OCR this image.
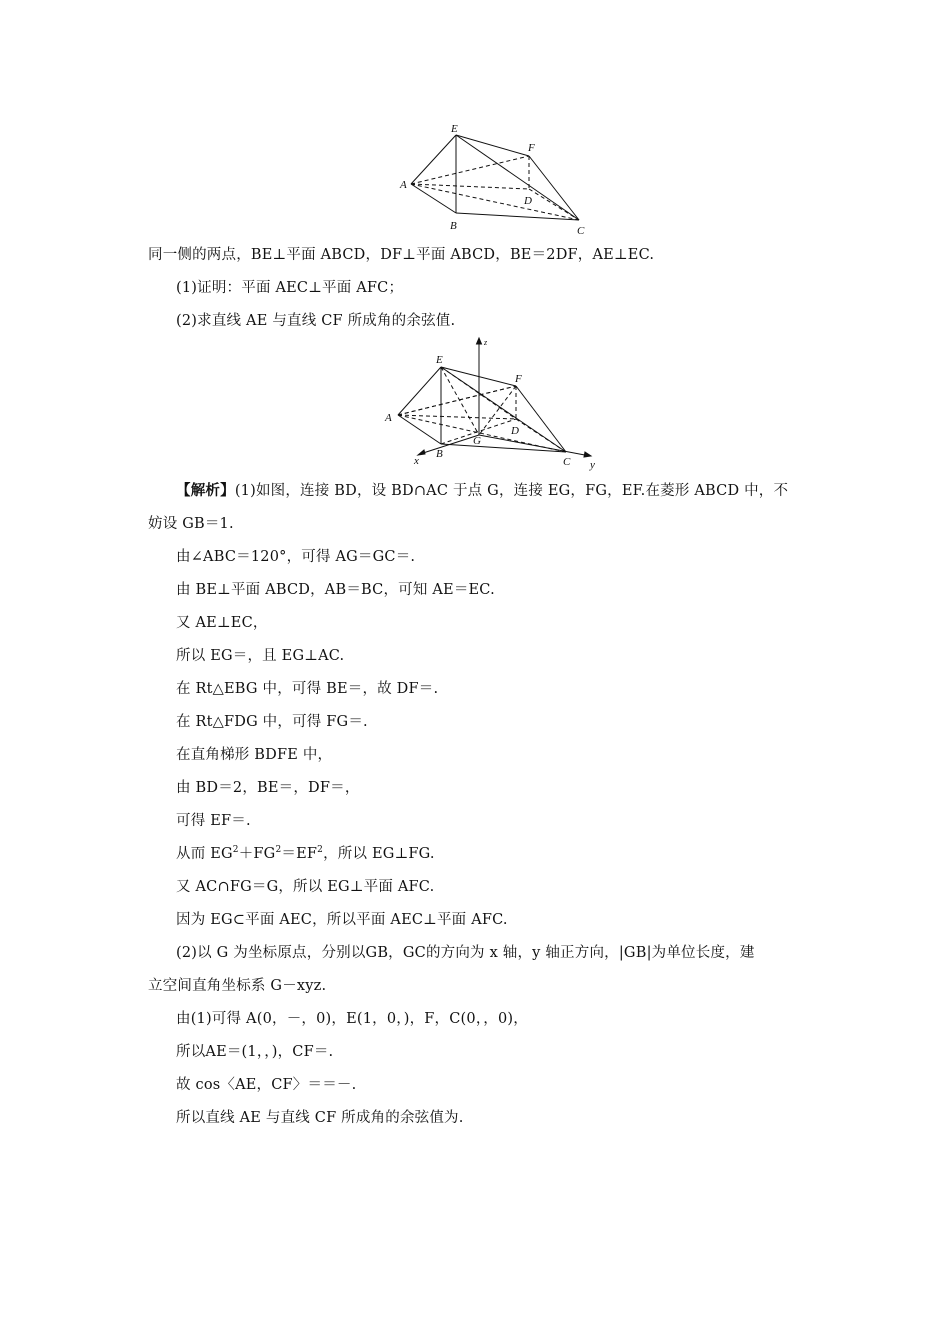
E
F
A
D
B	C
同一侧的两点，BE⊥平面 ABCD，DF⊥平面 ABCD，BE＝2DF，AE⊥EC.
(1)证明：平面 AEC⊥平面 AFC；
(2)求直线 AE 与直线 CF 所成角的余弦值.
z
E
F
A
G
D
B
x	C y
【解析】(1)如图，连接 BD，设 BD∩AC 于点 G，连接 EG，FG，EF.在菱形 ABCD 中，不
妨设 GB＝1.
由∠ABC＝120°，可得 AG＝GC＝.
由 BE⊥平面 ABCD，AB＝BC，可知 AE＝EC.
又 AE⊥EC，
所以 EG＝，且 EG⊥AC.
在 Rt△EBG 中，可得 BE＝，故 DF＝.
在 Rt△FDG 中，可得 FG＝.
在直角梯形 BDFE 中，
由 BD＝2，BE＝，DF＝，
可得 EF＝.
从而 $EG^2+FG^2=EF^2$，所以 EG⊥FG.
又 AC∩FG＝G，所以 EG⊥平面 AFC.
因为 EG⊂平面 AEC，所以平面 AEC⊥平面 AFC.
(2)以 G 为坐标原点，分别以GB，GC的方向为 x 轴，y 轴正方向，|GB|为单位长度，建
立空间直角坐标系 G－xyz.
由(1)可得 A(0，－，0)，E(1，0，)，F，C(0，，0)，
所以AE＝(1，，)，CF＝.
故 cos〈AE，CF〉＝＝－.
所以直线 AE 与直线 CF 所成角的余弦值为.
